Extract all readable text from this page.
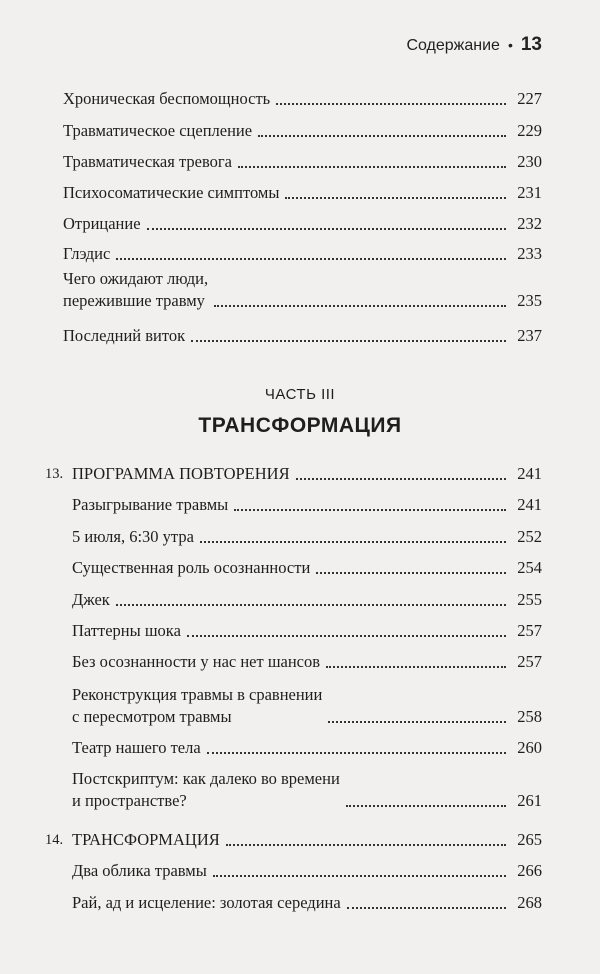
Содержание • 13
Хроническая беспомощность	227
Травматическое сцепление	229
Травматическая тревога	230
Психосоматические симптомы	231
Отрицание	232
Глэдис	233
Чего ожидают люди,
пережившие травму	235
Последний виток	237
ЧАСТЬ III
ТРАНСФОРМАЦИЯ
13. ПРОГРАММА ПОВТОРЕНИЯ	241
Разыгрывание травмы	241
5 июля, 6:30 утра	252
Существенная роль осознанности	254
Джек	255
Паттерны шока	257
Без осознанности у нас нет шансов	257
Реконструкция травмы в сравнении
с пересмотром травмы	258
Театр нашего тела	260
Постскриптум: как далеко во времени
и пространстве?	261
14. ТРАНСФОРМАЦИЯ	265
Два облика травмы	266
Рай, ад и исцеление: золотая середина	268
